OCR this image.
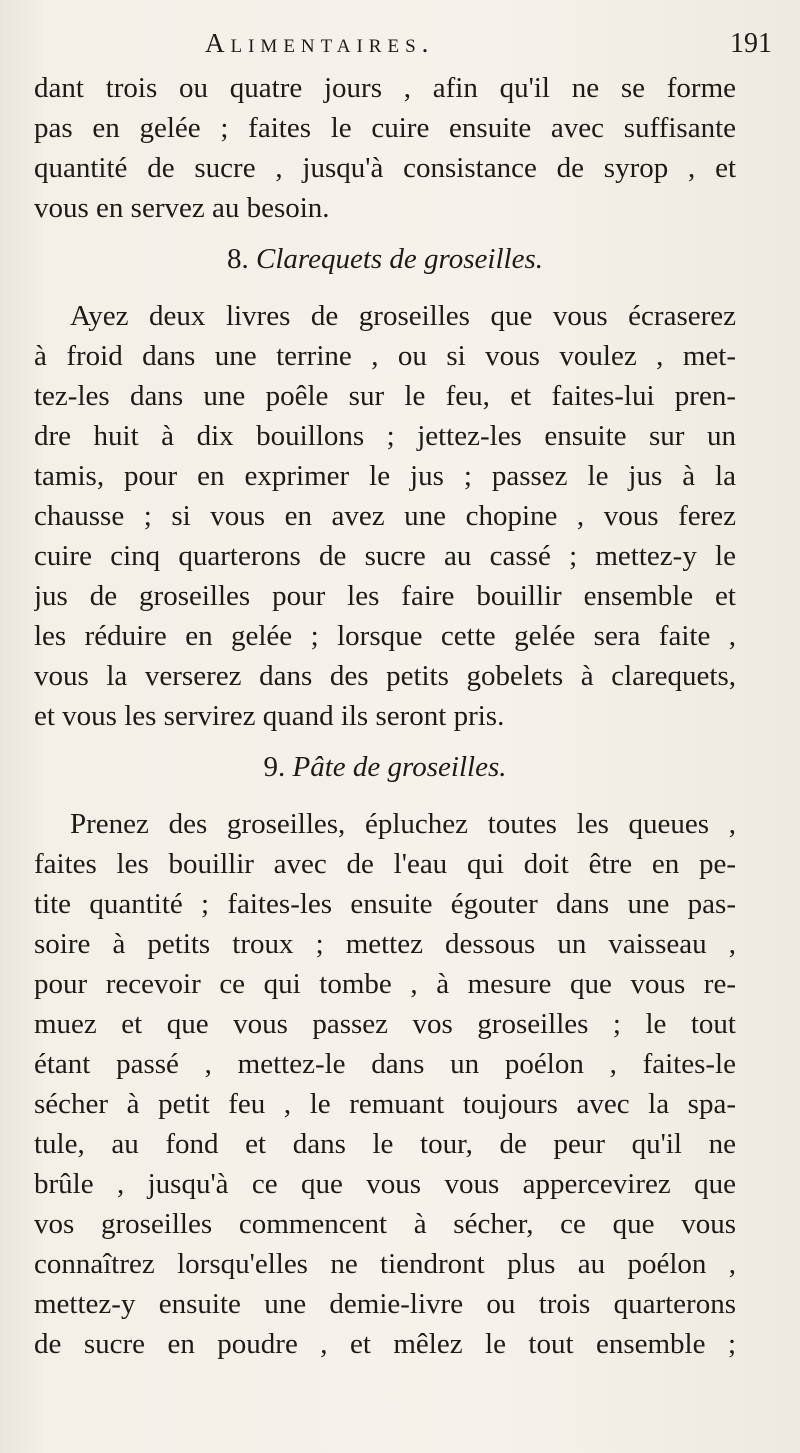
Alimentaires.	191
dant trois ou quatre jours , afin qu'il ne se forme
pas en gelée ; faites le cuire ensuite avec suffisante
quantité de sucre , jusqu'à consistance de syrop , et
vous en servez au besoin.
8. Clarequets de groseilles.
Ayez deux livres de groseilles que vous écraserez
à froid dans une terrine , ou si vous voulez , met-
tez-les dans une poêle sur le feu, et faites-lui pren-
dre huit à dix bouillons ; jettez-les ensuite sur un
tamis, pour en exprimer le jus ; passez le jus à la
chausse ; si vous en avez une chopine , vous ferez
cuire cinq quarterons de sucre au cassé ; mettez-y le
jus de groseilles pour les faire bouillir ensemble et
les réduire en gelée ; lorsque cette gelée sera faite ,
vous la verserez dans des petits gobelets à clarequets,
et vous les servirez quand ils seront pris.
9. Pâte de groseilles.
Prenez des groseilles, épluchez toutes les queues ,
faites les bouillir avec de l'eau qui doit être en pe-
tite quantité ; faites-les ensuite égouter dans une pas-
soire à petits troux ; mettez dessous un vaisseau ,
pour recevoir ce qui tombe , à mesure que vous re-
muez et que vous passez vos groseilles ; le tout
étant passé , mettez-le dans un poélon , faites-le
sécher à petit feu , le remuant toujours avec la spa-
tule, au fond et dans le tour, de peur qu'il ne
brûle , jusqu'à ce que vous vous appercevirez que
vos groseilles commencent à sécher, ce que vous
connaîtrez lorsqu'elles ne tiendront plus au poélon ,
mettez-y ensuite une demie-livre ou trois quarterons
de sucre en poudre , et mêlez le tout ensemble ;
